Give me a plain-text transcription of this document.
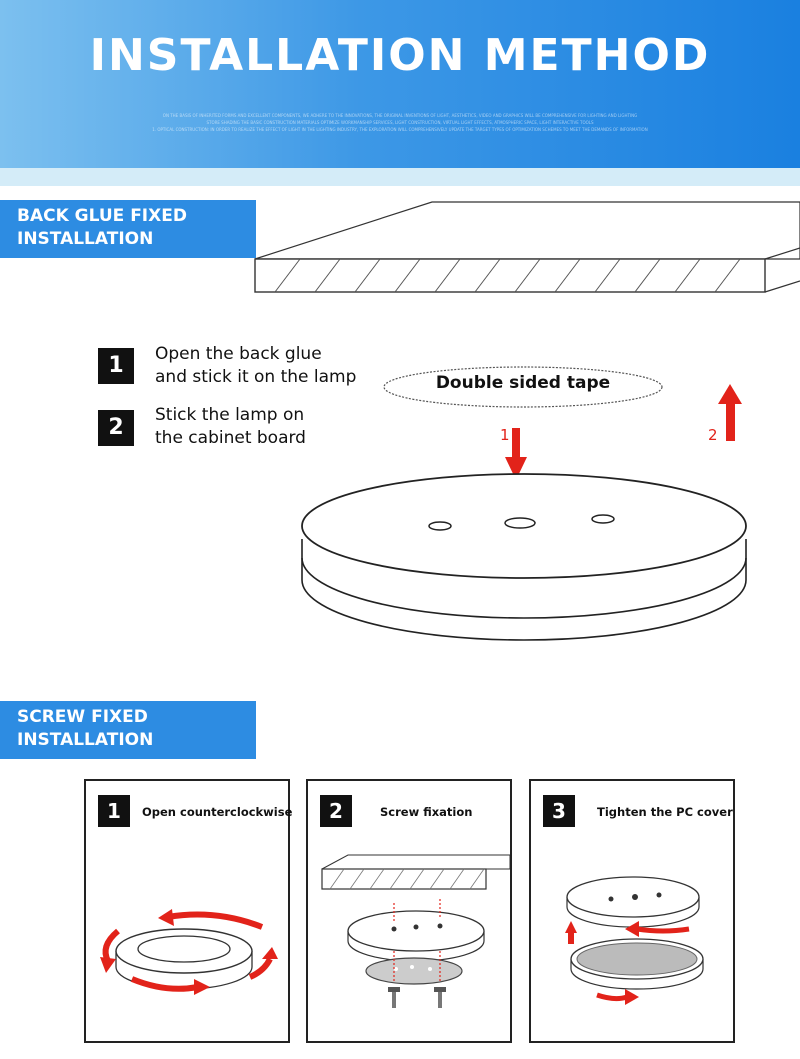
INSTALLATION METHOD
ON THE BASIS OF INHERITED FORMS AND EXCELLENT COMPONENTS, WE ADHERE TO THE INNOVATIONS, THE ORIGINAL INVENTIONS OF LIGHT, AESTHETICS, VIDEO AND GRAPHICS WILL BE COMPREHENSIVE FOR LIGHTING AND LIGHTING
STORE SHADING THE BASIC CONSTRUCTION MATERIALS OPTIMIZE WORKMANSHIP SERVICES, LIGHT CONSTRUCTION, VIRTUAL LIGHT EFFECTS, ATMOSPHERIC SPACE, LIGHT INTERACTIVE TOOLS
1. OPTICAL CONSTRUCTION: IN ORDER TO REALIZE THE EFFECT OF LIGHT IN THE LIGHTING INDUSTRY, THE EXPLORATION WILL COMPREHENSIVELY UPDATE THE TARGET TYPES OF OPTIMIZATION SCHEMES TO MEET THE DEMANDS OF INFORMATION
BACK GLUE FIXED
INSTALLATION
1	Open the back glue
and stick it on the lamp
2	Stick the lamp on
the cabinet board
Double sided tape
1	2
SCREW FIXED
INSTALLATION
1	Open counterclockwise	2	Screw fixation	3	Tighten the PC cover
